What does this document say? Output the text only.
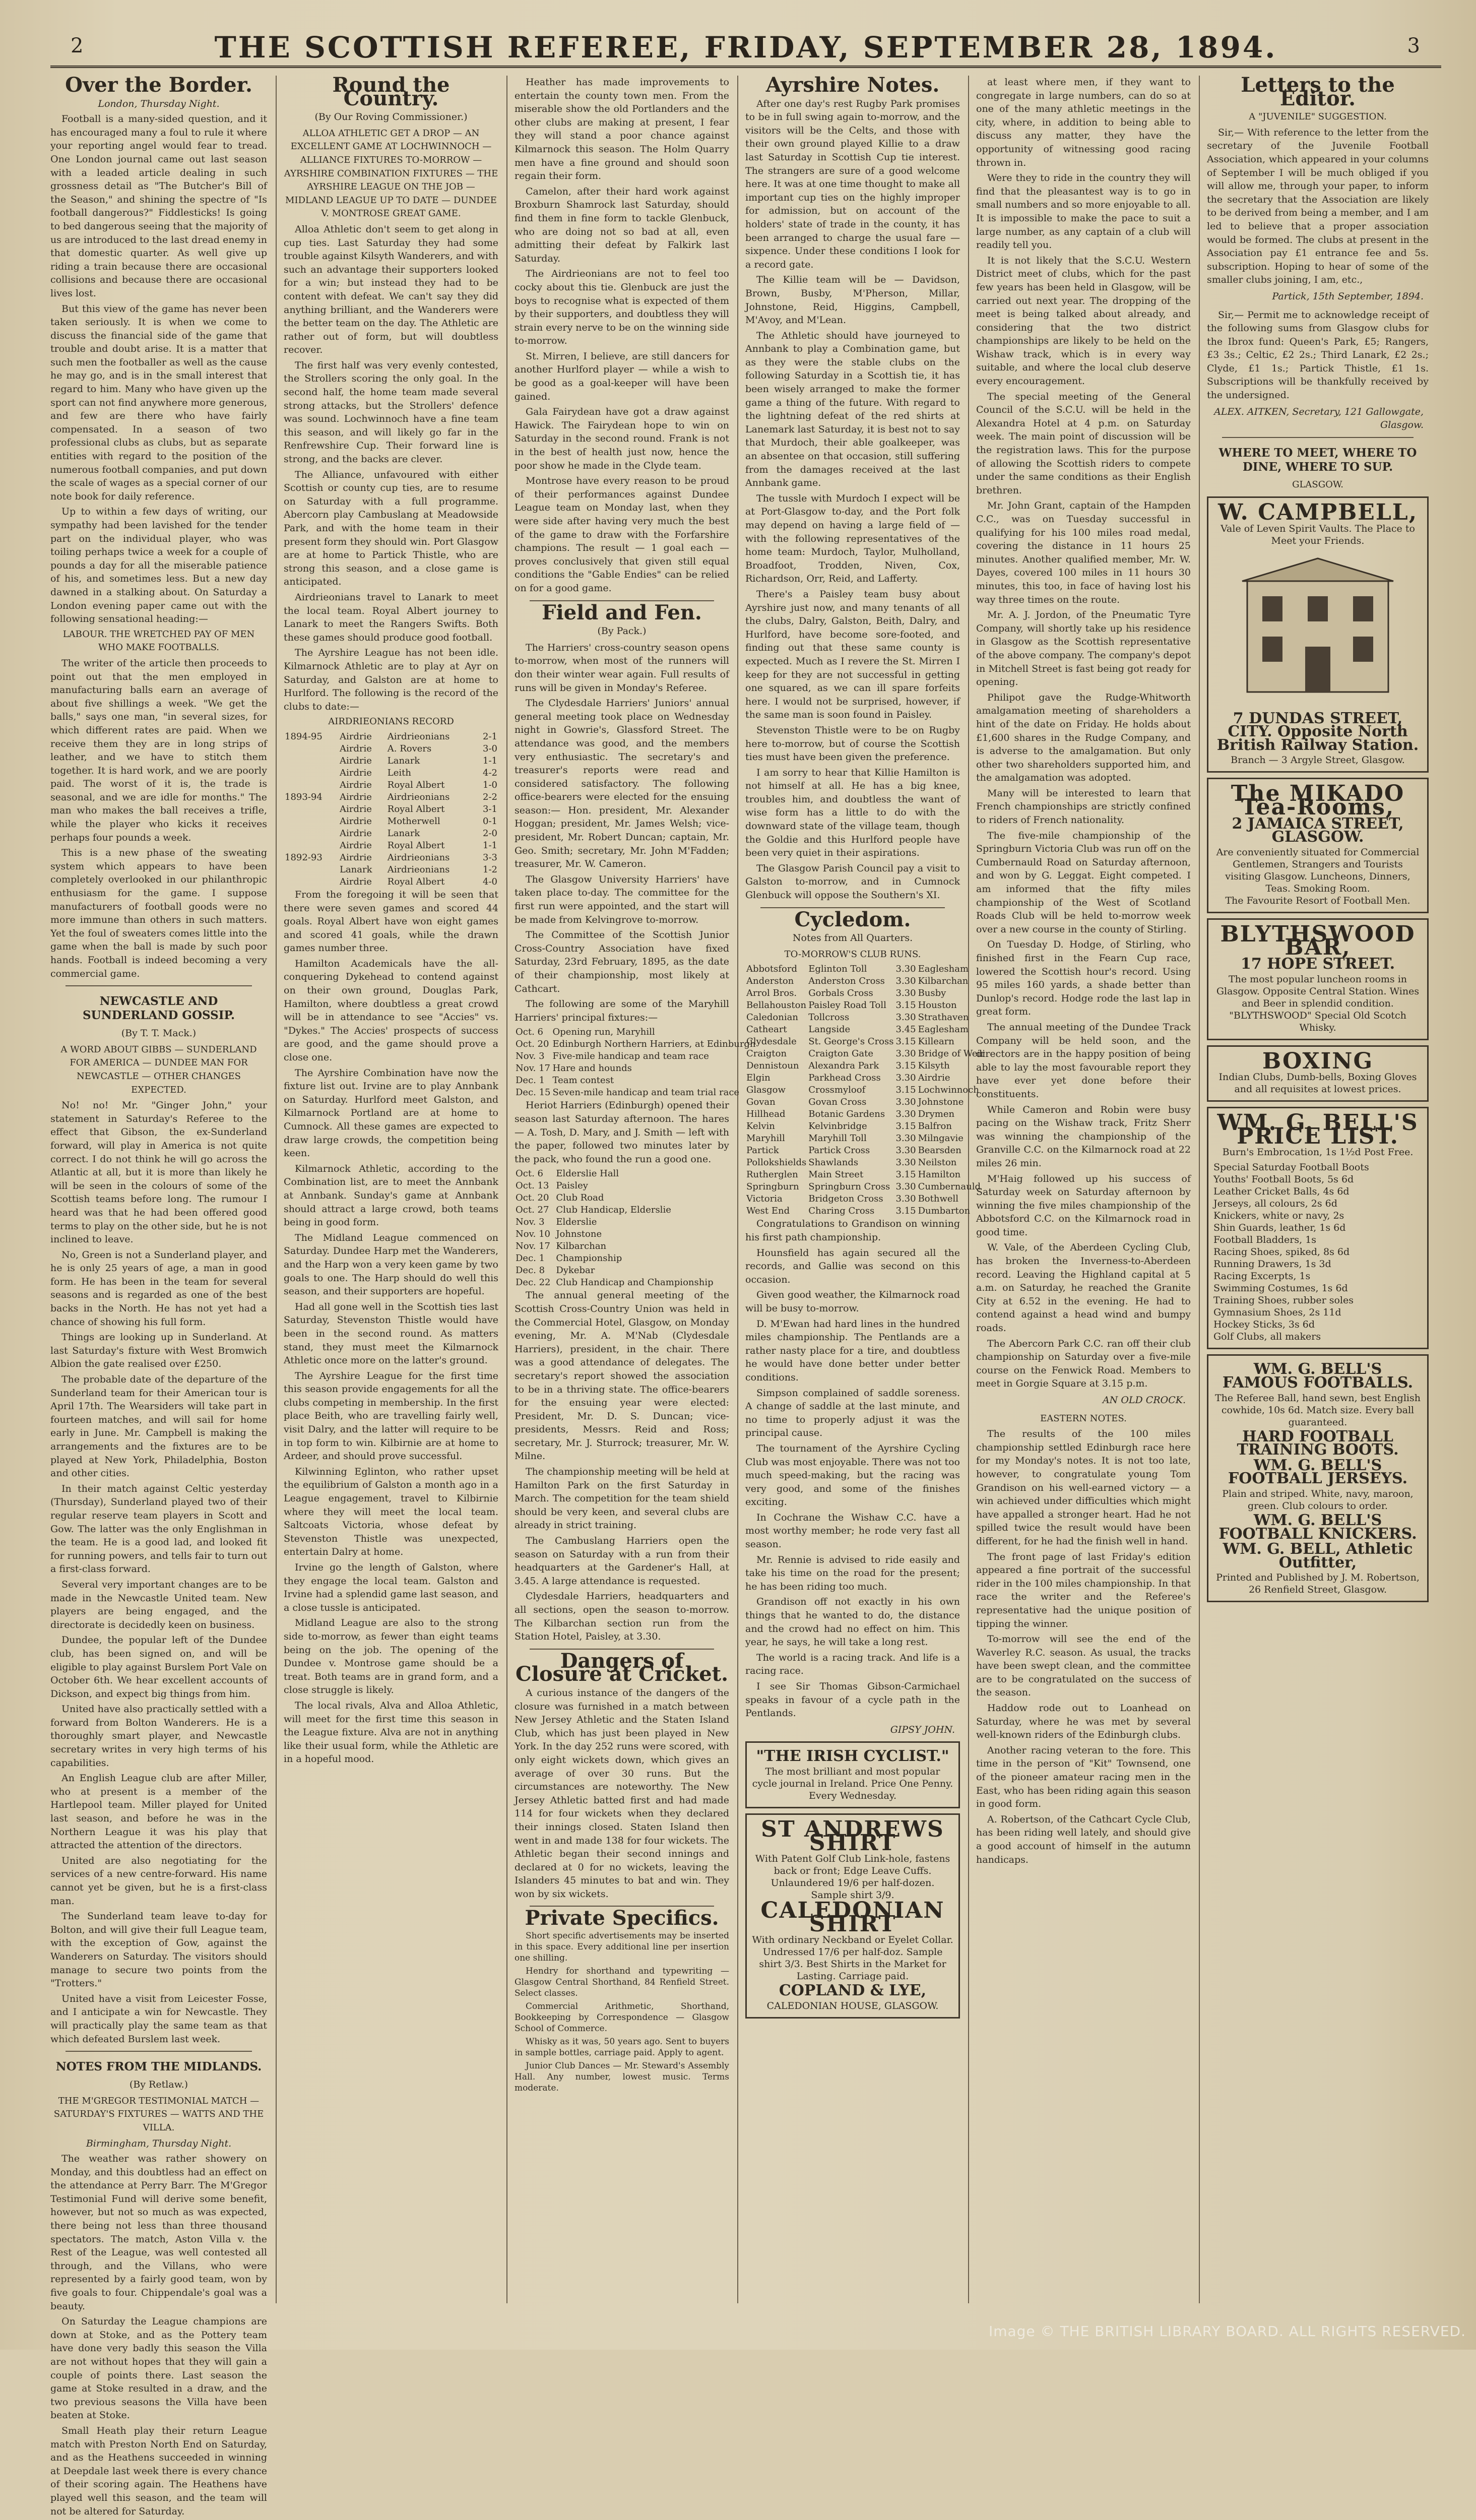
2	THE SCOTTISH REFEREE, FRIDAY, SEPTEMBER 28, 1894.	3
Over the Border.
London, Thursday Night.

Football is a many-sided question, and it has encouraged many a foul to rule it where your reporting angel would fear to tread. One London journal came out last season with a leaded article dealing in such grossness detail as "The Butcher's Bill of the Season," and shining the spectre of "Is football dangerous?" Fiddlesticks! Is going to bed dangerous seeing that the majority of us are introduced to the last dread enemy in that domestic quarter. As well give up riding a train because there are occasional collisions and because there are occasional lives lost.

But this view of the game has never been taken seriously. It is when we come to discuss the financial side of the game that trouble and doubt arise. It is a matter that such men the footballer as well as the cause he may go, and is in the small interest that regard to him. Many who have given up the sport can not find anywhere more generous, and few are there who have fairly compensated. In a season of two professional clubs as clubs, but as separate entities with regard to the position of the numerous football companies, and put down the scale of wages as a special corner of our note book for daily reference.

Up to within a few days of writing, our sympathy had been lavished for the tender part on the individual player, who was toiling perhaps twice a week for a couple of pounds a day for all the miserable patience of his, and sometimes less. But a new day dawned in a stalking about. On Saturday a London evening paper came out with the following sensational heading:—

LABOUR. THE WRETCHED PAY OF MEN WHO MAKE FOOTBALLS.

The writer of the article then proceeds to point out that the men employed in manufacturing balls earn an average of about five shillings a week. "We get the balls," says one man, "in several sizes, for which different rates are paid. When we receive them they are in long strips of leather, and we have to stitch them together. It is hard work, and we are poorly paid. The worst of it is, the trade is seasonal, and we are idle for months." The man who makes the ball receives a trifle, while the player who kicks it receives perhaps four pounds a week.

This is a new phase of the sweating system which appears to have been completely overlooked in our philanthropic enthusiasm for the game. I suppose manufacturers of football goods were no more immune than others in such matters. Yet the foul of sweaters comes little into the game when the ball is made by such poor hands. Football is indeed becoming a very commercial game.

NEWCASTLE AND SUNDERLAND GOSSIP.
(By T. T. Mack.)
A WORD ABOUT GIBBS — SUNDERLAND FOR AMERICA — DUNDEE MAN FOR NEWCASTLE — OTHER CHANGES EXPECTED.

No! no! Mr. "Ginger John," your statement in Saturday's Referee to the effect that Gibson, the ex-Sunderland forward, will play in America is not quite correct. I do not think he will go across the Atlantic at all, but it is more than likely he will be seen in the colours of some of the Scottish teams before long. The rumour I heard was that he had been offered good terms to play on the other side, but he is not inclined to leave.

No, Green is not a Sunderland player, and he is only 25 years of age, a man in good form. He has been in the team for several seasons and is regarded as one of the best backs in the North. He has not yet had a chance of showing his full form.

Things are looking up in Sunderland. At last Saturday's fixture with West Bromwich Albion the gate realised over £250.

The probable date of the departure of the Sunderland team for their American tour is April 17th. The Wearsiders will take part in fourteen matches, and will sail for home early in June. Mr. Campbell is making the arrangements and the fixtures are to be played at New York, Philadelphia, Boston and other cities.

In their match against Celtic yesterday (Thursday), Sunderland played two of their regular reserve team players in Scott and Gow. The latter was the only Englishman in the team. He is a good lad, and looked fit for running powers, and tells fair to turn out a first-class forward.

Several very important changes are to be made in the Newcastle United team. New players are being engaged, and the directorate is decidedly keen on business.

Dundee, the popular left of the Dundee club, has been signed on, and will be eligible to play against Burslem Port Vale on October 6th. We hear excellent accounts of Dickson, and expect big things from him.

United have also practically settled with a forward from Bolton Wanderers. He is a thoroughly smart player, and Newcastle secretary writes in very high terms of his capabilities.

An English League club are after Miller, who at present is a member of the Hartlepool team. Miller played for United last season, and before he was in the Northern League it was his play that attracted the attention of the directors.

United are also negotiating for the services of a new centre-forward. His name cannot yet be given, but he is a first-class man.

The Sunderland team leave to-day for Bolton, and will give their full League team, with the exception of Gow, against the Wanderers on Saturday. The visitors should manage to secure two points from the "Trotters."

United have a visit from Leicester Fosse, and I anticipate a win for Newcastle. They will practically play the same team as that which defeated Burslem last week.

NOTES FROM THE MIDLANDS.
(By Retlaw.)
THE M'GREGOR TESTIMONIAL MATCH — SATURDAY'S FIXTURES — WATTS AND THE VILLA.
Birmingham, Thursday Night.

The weather was rather showery on Monday, and this doubtless had an effect on the attendance at Perry Barr. The M'Gregor Testimonial Fund will derive some benefit, however, but not so much as was expected, there being not less than three thousand spectators. The match, Aston Villa v. the Rest of the League, was well contested all through, and the Villans, who were represented by a fairly good team, won by five goals to four. Chippendale's goal was a beauty.

On Saturday the League champions are down at Stoke, and as the Pottery team have done very badly this season the Villa are not without hopes that they will gain a couple of points there. Last season the game at Stoke resulted in a draw, and the two previous seasons the Villa have been beaten at Stoke.

Small Heath play their return League match with Preston North End on Saturday, and as the Heathens succeeded in winning at Deepdale last week there is every chance of their scoring again. The Heathens have played well this season, and the team will not be altered for Saturday.

Round the Country.
(By Our Roving Commissioner.)
ALLOA ATHLETIC GET A DROP — AN EXCELLENT GAME AT LOCHWINNOCH — ALLIANCE FIXTURES TO-MORROW — AYRSHIRE COMBINATION FIXTURES — THE AYRSHIRE LEAGUE ON THE JOB — MIDLAND LEAGUE UP TO DATE — DUNDEE V. MONTROSE GREAT GAME.

Alloa Athletic don't seem to get along in cup ties. Last Saturday they had some trouble against Kilsyth Wanderers, and with such an advantage their supporters looked for a win; but instead they had to be content with defeat. We can't say they did anything brilliant, and the Wanderers were the better team on the day. The Athletic are rather out of form, but will doubtless recover.

The first half was very evenly contested, the Strollers scoring the only goal. In the second half, the home team made several strong attacks, but the Strollers' defence was sound. Lochwinnoch have a fine team this season, and will likely go far in the Renfrewshire Cup. Their forward line is strong, and the backs are clever.

The Alliance, unfavoured with either Scottish or county cup ties, are to resume on Saturday with a full programme. Abercorn play Cambuslang at Meadowside Park, and with the home team in their present form they should win. Port Glasgow are at home to Partick Thistle, who are strong this season, and a close game is anticipated.

Airdrieonians travel to Lanark to meet the local team. Royal Albert journey to Lanark to meet the Rangers Swifts. Both these games should produce good football.

The Ayrshire League has not been idle. Kilmarnock Athletic are to play at Ayr on Saturday, and Galston are at home to Hurlford. The following is the record of the clubs to date:—

AIRDRIEONIANS RECORD
1894-95	Airdrie	Airdrieonians	2-1
	Airdrie	A. Rovers	3-0
	Airdrie	Lanark	1-1
	Airdrie	Leith	4-2
	Airdrie	Royal Albert	1-0
1893-94	Airdrie	Airdrieonians	2-2
	Airdrie	Royal Albert	3-1
	Airdrie	Motherwell	0-1
	Airdrie	Lanark	2-0
	Airdrie	Royal Albert	1-1
1892-93	Airdrie	Airdrieonians	3-3
	Lanark	Airdrieonians	1-2
	Airdrie	Royal Albert	4-0

From the foregoing it will be seen that there were seven games and scored 44 goals. Royal Albert have won eight games and scored 41 goals, while the drawn games number three.

Hamilton Academicals have the all-conquering Dykehead to contend against on their own ground, Douglas Park, Hamilton, where doubtless a great crowd will be in attendance to see "Accies" vs. "Dykes." The Accies' prospects of success are good, and the game should prove a close one.

The Ayrshire Combination have now the fixture list out. Irvine are to play Annbank on Saturday. Hurlford meet Galston, and Kilmarnock Portland are at home to Cumnock. All these games are expected to draw large crowds, the competition being keen.

Kilmarnock Athletic, according to the Combination list, are to meet the Annbank at Annbank. Sunday's game at Annbank should attract a large crowd, both teams being in good form.

The Midland League commenced on Saturday. Dundee Harp met the Wanderers, and the Harp won a very keen game by two goals to one. The Harp should do well this season, and their supporters are hopeful.

Had all gone well in the Scottish ties last Saturday, Stevenston Thistle would have been in the second round. As matters stand, they must meet the Kilmarnock Athletic once more on the latter's ground.

The Ayrshire League for the first time this season provide engagements for all the clubs competing in membership. In the first place Beith, who are travelling fairly well, visit Dalry, and the latter will require to be in top form to win. Kilbirnie are at home to Ardeer, and should prove successful.

Kilwinning Eglinton, who rather upset the equilibrium of Galston a month ago in a League engagement, travel to Kilbirnie where they will meet the local team. Saltcoats Victoria, whose defeat by Stevenston Thistle was unexpected, entertain Dalry at home.

Irvine go the length of Galston, where they engage the local team. Galston and Irvine had a splendid game last season, and a close tussle is anticipated.

Midland League are also to the strong side to-morrow, as fewer than eight teams being on the job. The opening of the Dundee v. Montrose game should be a treat. Both teams are in grand form, and a close struggle is likely.

The local rivals, Alva and Alloa Athletic, will meet for the first time this season in the League fixture. Alva are not in anything like their usual form, while the Athletic are in a hopeful mood.

Heather has made improvements to entertain the county town men. From the miserable show the old Portlanders and the other clubs are making at present, I fear they will stand a poor chance against Kilmarnock this season. The Holm Quarry men have a fine ground and should soon regain their form.

Camelon, after their hard work against Broxburn Shamrock last Saturday, should find them in fine form to tackle Glenbuck, who are doing not so bad at all, even admitting their defeat by Falkirk last Saturday.

The Airdrieonians are not to feel too cocky about this tie. Glenbuck are just the boys to recognise what is expected of them by their supporters, and doubtless they will strain every nerve to be on the winning side to-morrow.

St. Mirren, I believe, are still dancers for another Hurlford player — while a wish to be good as a goal-keeper will have been gained.

Gala Fairydean have got a draw against Hawick. The Fairydean hope to win on Saturday in the second round. Frank is not in the best of health just now, hence the poor show he made in the Clyde team.

Montrose have every reason to be proud of their performances against Dundee League team on Monday last, when they were side after having very much the best of the game to draw with the Forfarshire champions. The result — 1 goal each — proves conclusively that given still equal conditions the "Gable Endies" can be relied on for a good game.

Field and Fen.
(By Pack.)

The Harriers' cross-country season opens to-morrow, when most of the runners will don their winter wear again. Full results of runs will be given in Monday's Referee.

The Clydesdale Harriers' Juniors' annual general meeting took place on Wednesday night in Gowrie's, Glassford Street. The attendance was good, and the members very enthusiastic. The secretary's and treasurer's reports were read and considered satisfactory. The following office-bearers were elected for the ensuing season:— Hon. president, Mr. Alexander Hoggan; president, Mr. James Welsh; vice-president, Mr. Robert Duncan; captain, Mr. Geo. Smith; secretary, Mr. John M'Fadden; treasurer, Mr. W. Cameron.

The Glasgow University Harriers' have taken place to-day. The committee for the first run were appointed, and the start will be made from Kelvingrove to-morrow.

The Committee of the Scottish Junior Cross-Country Association have fixed Saturday, 23rd February, 1895, as the date of their championship, most likely at Cathcart.

The following are some of the Maryhill Harriers' principal fixtures:—

Oct. 6	Opening run, Maryhill
Oct. 20	Edinburgh Northern Harriers, at Edinburgh
Nov. 3	Five-mile handicap and team race
Nov. 17	Hare and hounds
Dec. 1	Team contest
Dec. 15	Seven-mile handicap and team trial race

Heriot Harriers (Edinburgh) opened their season last Saturday afternoon. The hares — A. Tosh, D. Mary, and J. Smith — left with the paper, followed two minutes later by the pack, who found the run a good one.

Oct. 6	Elderslie Hall
Oct. 13	Paisley
Oct. 20	Club Road
Oct. 27	Club Handicap, Elderslie
Nov. 3	Elderslie
Nov. 10	Johnstone
Nov. 17	Kilbarchan
Dec. 1	Championship
Dec. 8	Dykebar
Dec. 22	Club Handicap and Championship

The annual general meeting of the Scottish Cross-Country Union was held in the Commercial Hotel, Glasgow, on Monday evening, Mr. A. M'Nab (Clydesdale Harriers), president, in the chair. There was a good attendance of delegates. The secretary's report showed the association to be in a thriving state. The office-bearers for the ensuing year were elected: President, Mr. D. S. Duncan; vice-presidents, Messrs. Reid and Ross; secretary, Mr. J. Sturrock; treasurer, Mr. W. Milne.

The championship meeting will be held at Hamilton Park on the first Saturday in March. The competition for the team shield should be very keen, and several clubs are already in strict training.

The Cambuslang Harriers open the season on Saturday with a run from their headquarters at the Gardener's Hall, at 3.45. A large attendance is requested.

Clydesdale Harriers, headquarters and all sections, open the season to-morrow. The Kilbarchan section run from the Station Hotel, Paisley, at 3.30.

Dangers of Closure at Cricket.

A curious instance of the dangers of the closure was furnished in a match between New Jersey Athletic and the Staten Island Club, which has just been played in New York. In the day 252 runs were scored, with only eight wickets down, which gives an average of over 30 runs. But the circumstances are noteworthy. The New Jersey Athletic batted first and had made 114 for four wickets when they declared their innings closed. Staten Island then went in and made 138 for four wickets. The Athletic began their second innings and declared at 0 for no wickets, leaving the Islanders 45 minutes to bat and win. They won by six wickets.

Private Specifics.

Short specific advertisements may be inserted in this space. Every additional line per insertion one shilling.

Hendry for shorthand and typewriting — Glasgow Central Shorthand, 84 Renfield Street. Select classes.

Commercial Arithmetic, Shorthand, Bookkeeping by Correspondence — Glasgow School of Commerce.

Whisky as it was, 50 years ago. Sent to buyers in sample bottles, carriage paid. Apply to agent.

Junior Club Dances — Mr. Steward's Assembly Hall. Any number, lowest music. Terms moderate.

Ayrshire Notes.

After one day's rest Rugby Park promises to be in full swing again to-morrow, and the visitors will be the Celts, and those with their own ground played Killie to a draw last Saturday in Scottish Cup tie interest. The strangers are sure of a good welcome here. It was at one time thought to make all important cup ties on the highly improper for admission, but on account of the holders' state of trade in the county, it has been arranged to charge the usual fare — sixpence. Under these conditions I look for a record gate.

The Killie team will be — Davidson, Brown, Busby, M'Pherson, Millar, Johnstone, Reid, Higgins, Campbell, M'Avoy, and M'Lean.

The Athletic should have journeyed to Annbank to play a Combination game, but as they were the stable clubs on the following Saturday in a Scottish tie, it has been wisely arranged to make the former game a thing of the future. With regard to the lightning defeat of the red shirts at Lanemark last Saturday, it is best not to say that Murdoch, their able goalkeeper, was an absentee on that occasion, still suffering from the damages received at the last Annbank game.

The tussle with Murdoch I expect will be at Port-Glasgow to-day, and the Port folk may depend on having a large field of — with the following representatives of the home team: Murdoch, Taylor, Mulholland, Broadfoot, Trodden, Niven, Cox, Richardson, Orr, Reid, and Lafferty.

There's a Paisley team busy about Ayrshire just now, and many tenants of all the clubs, Dalry, Galston, Beith, Dalry, and Hurlford, have become sore-footed, and finding out that these same county is expected. Much as I revere the St. Mirren I keep for they are not successful in getting one squared, as we can ill spare forfeits here. I would not be surprised, however, if the same man is soon found in Paisley.

Stevenston Thistle were to be on Rugby here to-morrow, but of course the Scottish ties must have been given the preference.

I am sorry to hear that Killie Hamilton is not himself at all. He has a big knee, troubles him, and doubtless the want of wise form has a little to do with the downward state of the village team, though the Goldie and this Hurlford people have been very quiet in their aspirations.

The Glasgow Parish Council pay a visit to Galston to-morrow, and in Cumnock Glenbuck will oppose the Southern's XI.

Cycledom.
Notes from All Quarters.
TO-MORROW'S CLUB RUNS.
Abbotsford	Eglinton Toll	3.30	Eaglesham
Anderston	Anderston Cross	3.30	Kilbarchan
Arrol Bros.	Gorbals Cross	3.30	Busby
Bellahouston	Paisley Road Toll	3.15	Houston
Caledonian	Tollcross	3.30	Strathaven
Catheart	Langside	3.45	Eaglesham
Clydesdale	St. George's Cross	3.15	Killearn
Craigton	Craigton Gate	3.30	Bridge of Weir
Dennistoun	Alexandra Park	3.15	Kilsyth
Elgin	Parkhead Cross	3.30	Airdrie
Glasgow	Crossmyloof	3.15	Lochwinnoch
Govan	Govan Cross	3.30	Johnstone
Hillhead	Botanic Gardens	3.30	Drymen
Kelvin	Kelvinbridge	3.15	Balfron
Maryhill	Maryhill Toll	3.30	Milngavie
Partick	Partick Cross	3.30	Bearsden
Pollokshields	Shawlands	3.30	Neilston
Rutherglen	Main Street	3.15	Hamilton
Springburn	Springburn Cross	3.30	Cumbernauld
Victoria	Bridgeton Cross	3.30	Bothwell
West End	Charing Cross	3.15	Dumbarton

Congratulations to Grandison on winning his first path championship.

Hounsfield has again secured all the records, and Gallie was second on this occasion.

Given good weather, the Kilmarnock road will be busy to-morrow.

D. M'Ewan had hard lines in the hundred miles championship. The Pentlands are a rather nasty place for a tire, and doubtless he would have done better under better conditions.

Simpson complained of saddle soreness. A change of saddle at the last minute, and no time to properly adjust it was the principal cause.

The tournament of the Ayrshire Cycling Club was most enjoyable. There was not too much speed-making, but the racing was very good, and some of the finishes exciting.

In Cochrane the Wishaw C.C. have a most worthy member; he rode very fast all season.

Mr. Rennie is advised to ride easily and take his time on the road for the present; he has been riding too much.

Grandison off not exactly in his own things that he wanted to do, the distance and the crowd had no effect on him. This year, he says, he will take a long rest.

The world is a racing track. And life is a racing race.

I see Sir Thomas Gibson-Carmichael speaks in favour of a cycle path in the Pentlands.

GIPSY JOHN.
"THE IRISH CYCLIST."
The most brilliant and most popular cycle journal in Ireland. Price One Penny. Every Wednesday.
ST ANDREWS SHIRT
With Patent Golf Club Link-hole, fastens back or front; Edge Leave Cuffs. Unlaundered 19/6 per half-dozen. Sample shirt 3/9.
CALEDONIAN SHIRT
With ordinary Neckband or Eyelet Collar. Undressed 17/6 per half-doz. Sample shirt 3/3. Best Shirts in the Market for Lasting. Carriage paid.
COPLAND & LYE,
CALEDONIAN HOUSE, GLASGOW.

at least where men, if they want to congregate in large numbers, can do so at one of the many athletic meetings in the city, where, in addition to being able to discuss any matter, they have the opportunity of witnessing good racing thrown in.

Were they to ride in the country they will find that the pleasantest way is to go in small numbers and so more enjoyable to all. It is impossible to make the pace to suit a large number, as any captain of a club will readily tell you.

It is not likely that the S.C.U. Western District meet of clubs, which for the past few years has been held in Glasgow, will be carried out next year. The dropping of the meet is being talked about already, and considering that the two district championships are likely to be held on the Wishaw track, which is in every way suitable, and where the local club deserve every encouragement.

The special meeting of the General Council of the S.C.U. will be held in the Alexandra Hotel at 4 p.m. on Saturday week. The main point of discussion will be the registration laws. This for the purpose of allowing the Scottish riders to compete under the same conditions as their English brethren.

Mr. John Grant, captain of the Hampden C.C., was on Tuesday successful in qualifying for his 100 miles road medal, covering the distance in 11 hours 25 minutes. Another qualified member, Mr. W. Dayes, covered 100 miles in 11 hours 30 minutes, this too, in face of having lost his way three times on the route.

Mr. A. J. Jordon, of the Pneumatic Tyre Company, will shortly take up his residence in Glasgow as the Scottish representative of the above company. The company's depot in Mitchell Street is fast being got ready for opening.

Philipot gave the Rudge-Whitworth amalgamation meeting of shareholders a hint of the date on Friday. He holds about £1,600 shares in the Rudge Company, and is adverse to the amalgamation. But only other two shareholders supported him, and the amalgamation was adopted.

Many will be interested to learn that French championships are strictly confined to riders of French nationality.

The five-mile championship of the Springburn Victoria Club was run off on the Cumbernauld Road on Saturday afternoon, and won by G. Leggat. Eight competed. I am informed that the fifty miles championship of the West of Scotland Roads Club will be held to-morrow week over a new course in the county of Stirling.

On Tuesday D. Hodge, of Stirling, who finished first in the Fearn Cup race, lowered the Scottish hour's record. Using 95 miles 160 yards, a shade better than Dunlop's record. Hodge rode the last lap in great form.

The annual meeting of the Dundee Track Company will be held soon, and the directors are in the happy position of being able to lay the most favourable report they have ever yet done before their constituents.

While Cameron and Robin were busy pacing on the Wishaw track, Fritz Sherr was winning the championship of the Granville C.C. on the Kilmarnock road at 22 miles 26 min.

M'Haig followed up his success of Saturday week on Saturday afternoon by winning the five miles championship of the Abbotsford C.C. on the Kilmarnock road in good time.

W. Vale, of the Aberdeen Cycling Club, has broken the Inverness-to-Aberdeen record. Leaving the Highland capital at 5 a.m. on Saturday, he reached the Granite City at 6.52 in the evening. He had to contend against a head wind and bumpy roads.

The Abercorn Park C.C. ran off their club championship on Saturday over a five-mile course on the Fenwick Road. Members to meet in Gorgie Square at 3.15 p.m.

AN OLD CROCK.
EASTERN NOTES.

The results of the 100 miles championship settled Edinburgh race here for my Monday's notes. It is not too late, however, to congratulate young Tom Grandison on his well-earned victory — a win achieved under difficulties which might have appalled a stronger heart. Had he not spilled twice the result would have been different, for he had the finish well in hand.

The front page of last Friday's edition appeared a fine portrait of the successful rider in the 100 miles championship. In that race the writer and the Referee's representative had the unique position of tipping the winner.

To-morrow will see the end of the Waverley R.C. season. As usual, the tracks have been swept clean, and the committee are to be congratulated on the success of the season.

Haddow rode out to Loanhead on Saturday, where he was met by several well-known riders of the Edinburgh clubs.

Another racing veteran to the fore. This time in the person of "Kit" Townsend, one of the pioneer amateur racing men in the East, who has been riding again this season in good form.

A. Robertson, of the Cathcart Cycle Club, has been riding well lately, and should give a good account of himself in the autumn handicaps.

Letters to the Editor.
A "JUVENILE" SUGGESTION.

Sir,— With reference to the letter from the secretary of the Juvenile Football Association, which appeared in your columns of September I will be much obliged if you will allow me, through your paper, to inform the secretary that the Association are likely to be derived from being a member, and I am led to believe that a proper association would be formed. The clubs at present in the Association pay £1 entrance fee and 5s. subscription. Hoping to hear of some of the smaller clubs joining, I am, etc.,

Partick, 15th September, 1894.

Sir,— Permit me to acknowledge receipt of the following sums from Glasgow clubs for the Ibrox fund: Queen's Park, £5; Rangers, £3 3s.; Celtic, £2 2s.; Third Lanark, £2 2s.; Clyde, £1 1s.; Partick Thistle, £1 1s. Subscriptions will be thankfully received by the undersigned.

ALEX. AITKEN, Secretary, 121 Gallowgate, Glasgow.
WHERE TO MEET, WHERE TO DINE, WHERE TO SUP.
GLASGOW.
W. CAMPBELL,
Vale of Leven Spirit Vaults. The Place to Meet your Friends.
7 DUNDAS STREET, CITY. Opposite North British Railway Station.
Branch — 3 Argyle Street, Glasgow.
The MIKADO Tea-Rooms,
2 JAMAICA STREET, GLASGOW.
Are conveniently situated for Commercial Gentlemen, Strangers and Tourists visiting Glasgow. Luncheons, Dinners, Teas. Smoking Room.
The Favourite Resort of Football Men.
BLYTHSWOOD BAR,
17 HOPE STREET.
The most popular luncheon rooms in Glasgow. Opposite Central Station. Wines and Beer in splendid condition.
"BLYTHSWOOD" Special Old Scotch Whisky.
BOXING
Indian Clubs, Dumb-bells, Boxing Gloves and all requisites at lowest prices.
WM. G. BELL'S PRICE LIST.
Burn's Embrocation, 1s 1½d Post Free.
Special Saturday Football Boots
Youths' Football Boots, 5s 6d
Leather Cricket Balls, 4s 6d
Jerseys, all colours, 2s 6d
Knickers, white or navy, 2s
Shin Guards, leather, 1s 6d
Football Bladders, 1s
Racing Shoes, spiked, 8s 6d
Running Drawers, 1s 3d
Racing Excerpts, 1s
Swimming Costumes, 1s 6d
Training Shoes, rubber soles
Gymnasium Shoes, 2s 11d
Hockey Sticks, 3s 6d
Golf Clubs, all makers
WM. G. BELL'S FAMOUS FOOTBALLS.
The Referee Ball, hand sewn, best English cowhide, 10s 6d. Match size. Every ball guaranteed.
HARD FOOTBALL TRAINING BOOTS.
WM. G. BELL'S FOOTBALL JERSEYS.
Plain and striped. White, navy, maroon, green. Club colours to order.
WM. G. BELL'S FOOTBALL KNICKERS.
WM. G. BELL, Athletic Outfitter,
Printed and Published by J. M. Robertson, 26 Renfield Street, Glasgow.
Image © THE BRITISH LIBRARY BOARD. ALL RIGHTS RESERVED.
